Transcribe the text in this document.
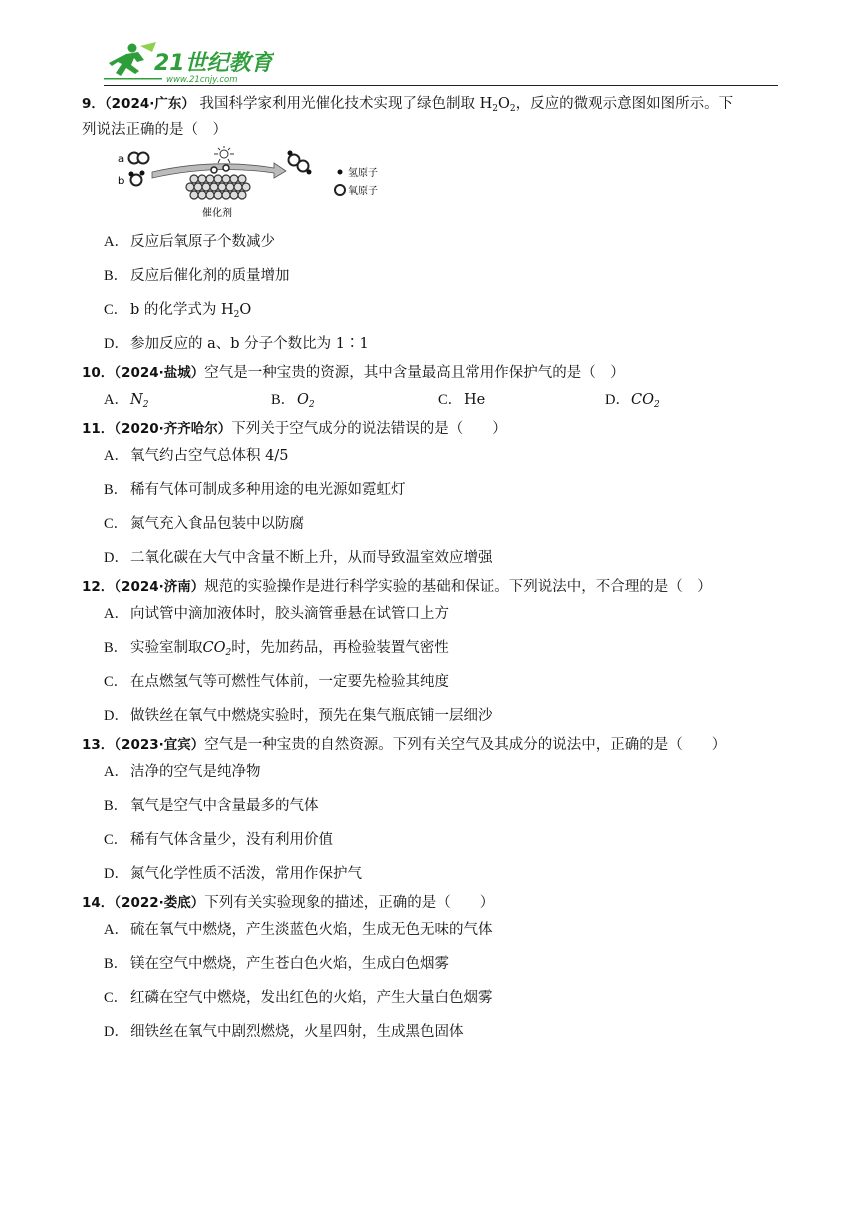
21世纪教育
www.21cnjy.com
9．（2024·广东） 我国科学家利用光催化技术实现了绿色制取 $H_2O_2$，反应的微观示意图如图所示。下
列说法正确的是（　）
a
b
催化剂
氢原子
氧原子
A．反应后氧原子个数减少
B． 反应后催化剂的质量增加
C． b 的化学式为 $H_2O$
D．参加反应的 a、b 分子个数比为 1∶1
10．（2024·盐城）空气是一种宝贵的资源，其中含量最高且常用作保护气的是（　）
A．$N_2$	B． $O_2$	C． He	D．$CO_2$
11．（2020·齐齐哈尔）下列关于空气成分的说法错误的是（　　）
A．氧气约占空气总体积 4/5
B． 稀有气体可制成多种用途的电光源如霓虹灯
C． 氮气充入食品包装中以防腐
D．二氧化碳在大气中含量不断上升，从而导致温室效应增强
12．（2024·济南）规范的实验操作是进行科学实验的基础和保证。下列说法中，不合理的是（　）
A．向试管中滴加液体时，胶头滴管垂悬在试管口上方
B． 实验室制取$CO_2$时，先加药品，再检验装置气密性
C． 在点燃氢气等可燃性气体前，一定要先检验其纯度
D．做铁丝在氧气中燃烧实验时，预先在集气瓶底铺一层细沙
13．（2023·宜宾）空气是一种宝贵的自然资源。下列有关空气及其成分的说法中，正确的是（　　）
A．洁净的空气是纯净物
B． 氧气是空气中含量最多的气体
C． 稀有气体含量少，没有利用价值
D．氮气化学性质不活泼，常用作保护气
14．（2022·娄底）下列有关实验现象的描述，正确的是（　　）
A．硫在氧气中燃烧，产生淡蓝色火焰，生成无色无味的气体
B． 镁在空气中燃烧，产生苍白色火焰，生成白色烟雾
C． 红磷在空气中燃烧，发出红色的火焰，产生大量白色烟雾
D．细铁丝在氧气中剧烈燃烧，火星四射，生成黑色固体
